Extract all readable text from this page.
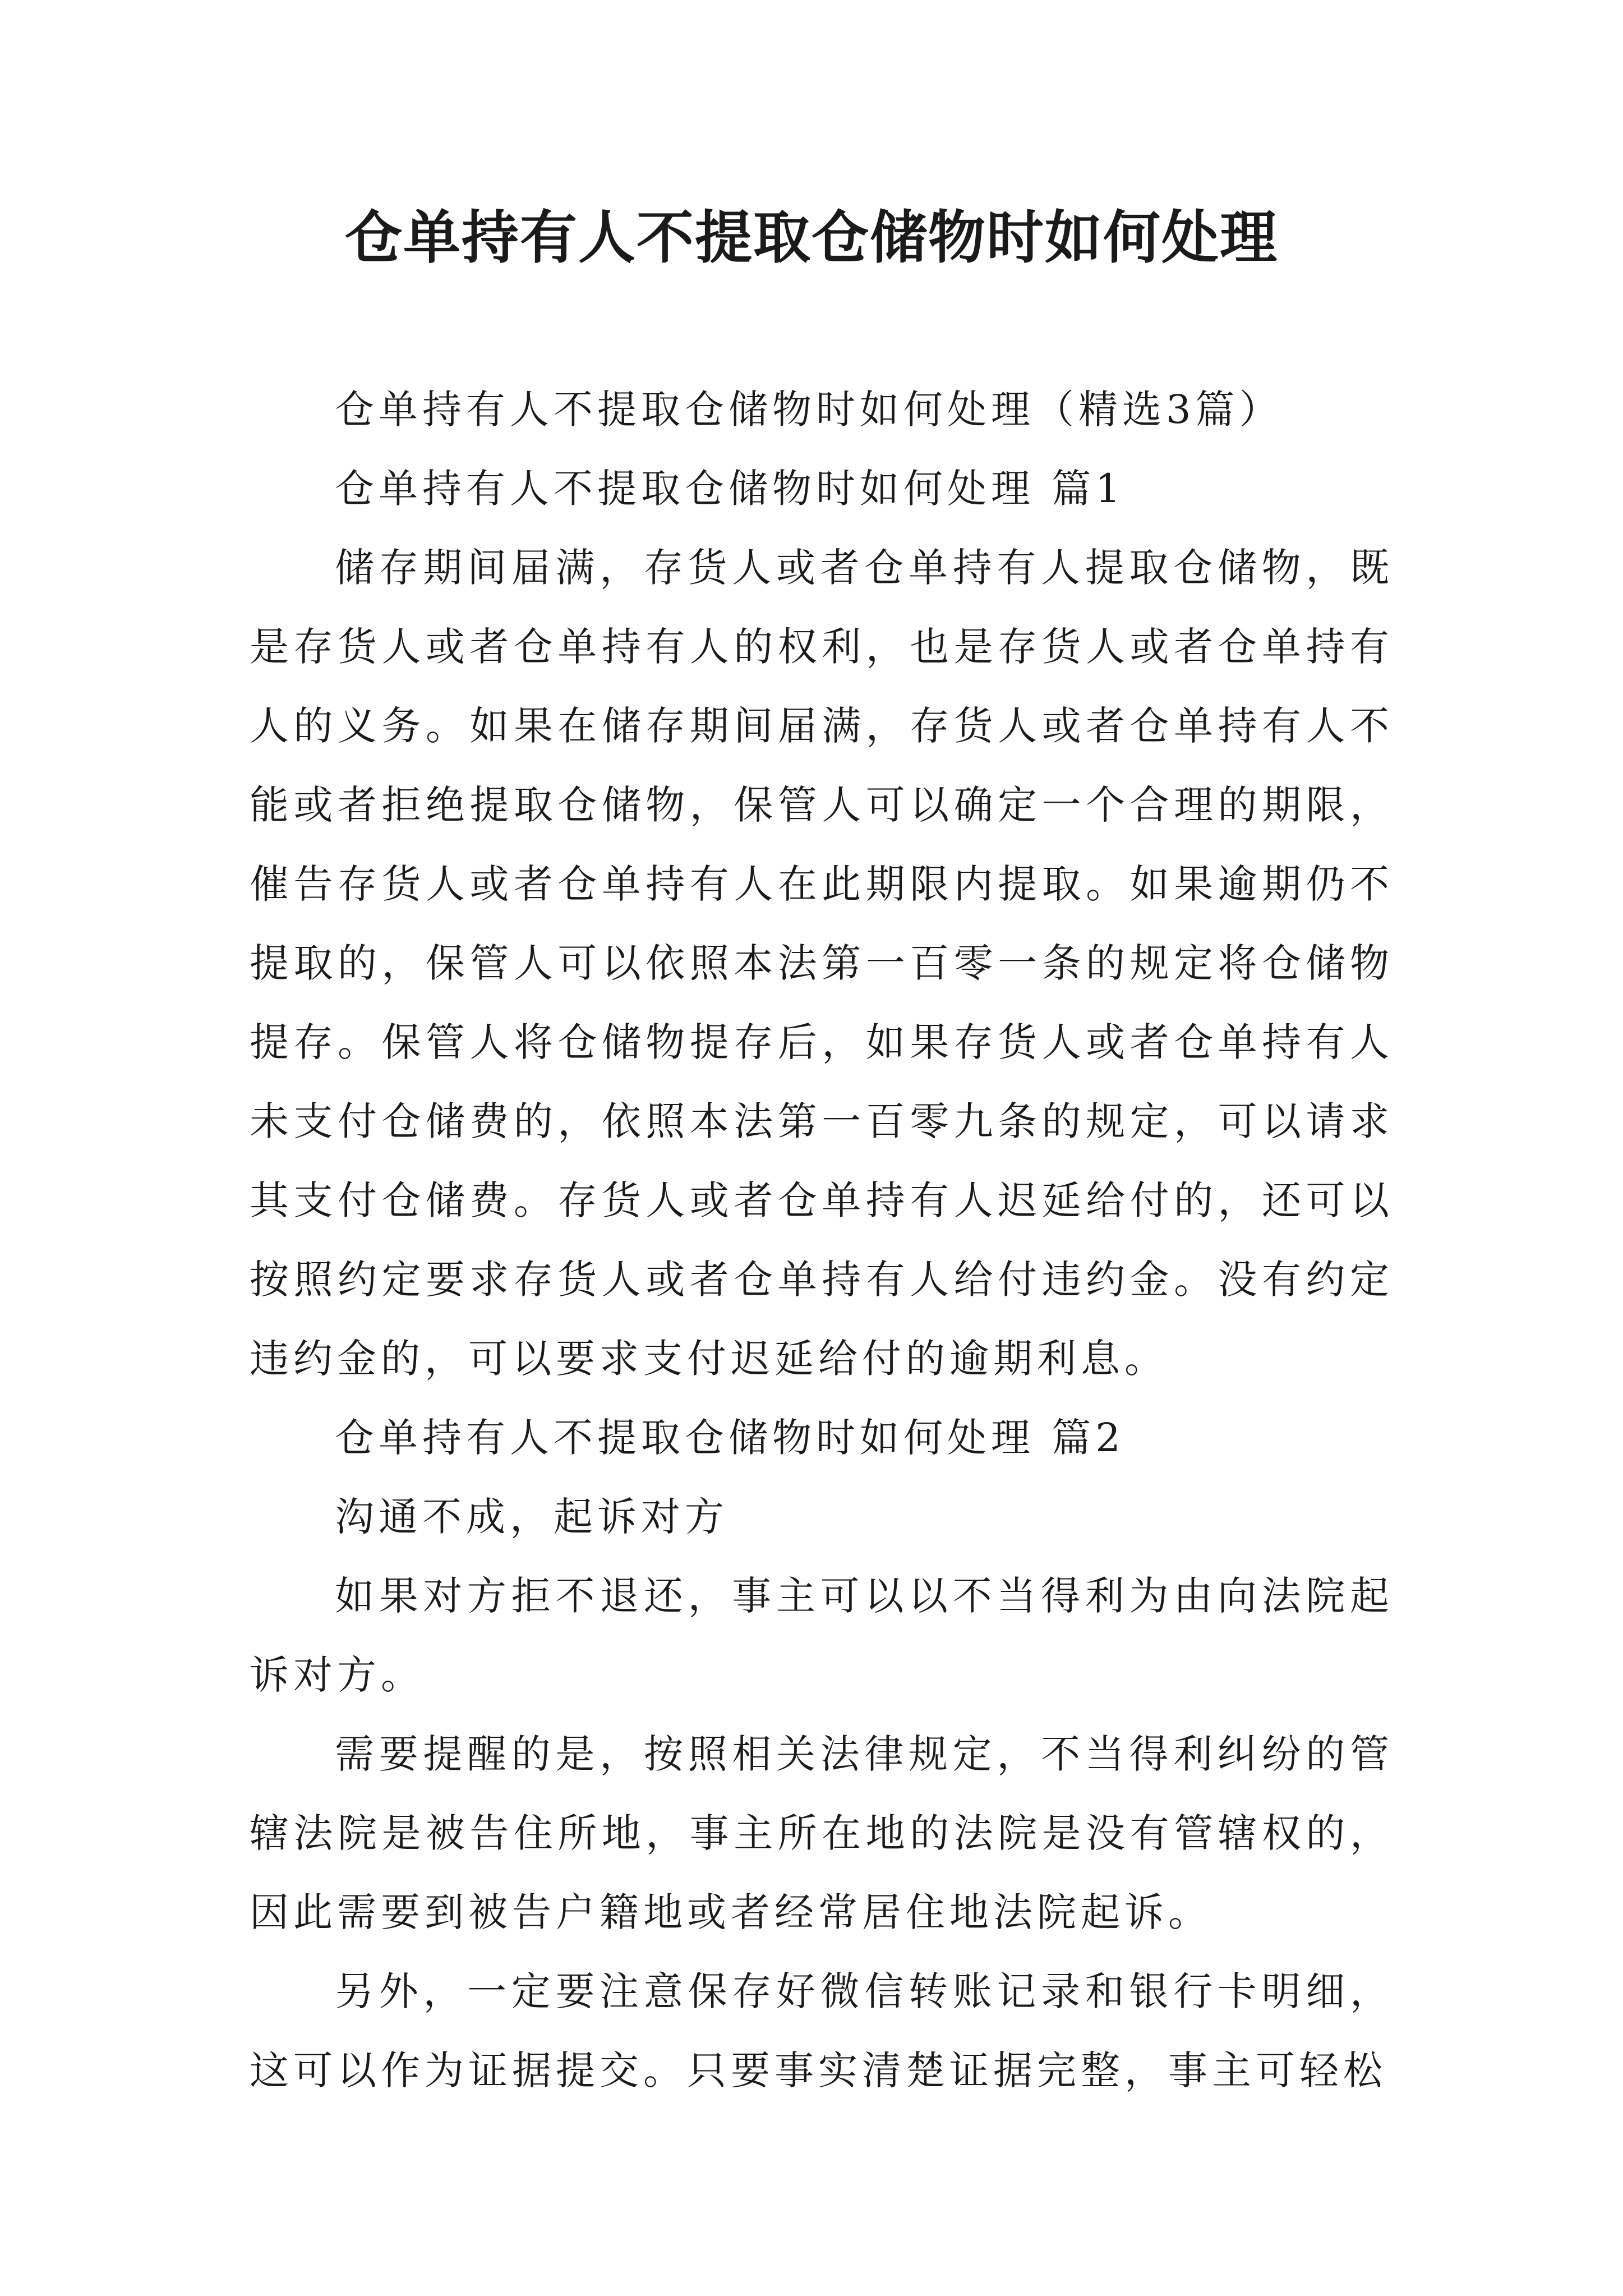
仓单持有人不提取仓储物时如何处理

仓单持有人不提取仓储物时如何处理（精选3篇）

仓单持有人不提取仓储物时如何处理 篇1

储存期间届满，存货人或者仓单持有人提取仓储物，既是存货人或者仓单持有人的权利，也是存货人或者仓单持有人的义务。如果在储存期间届满，存货人或者仓单持有人不能或者拒绝提取仓储物，保管人可以确定一个合理的期限，催告存货人或者仓单持有人在此期限内提取。如果逾期仍不提取的，保管人可以依照本法第一百零一条的规定将仓储物提存。保管人将仓储物提存后，如果存货人或者仓单持有人未支付仓储费的，依照本法第一百零九条的规定，可以请求其支付仓储费。存货人或者仓单持有人迟延给付的，还可以按照约定要求存货人或者仓单持有人给付违约金。没有约定违约金的，可以要求支付迟延给付的逾期利息。

仓单持有人不提取仓储物时如何处理 篇2

沟通不成，起诉对方

如果对方拒不退还，事主可以以不当得利为由向法院起诉对方。

需要提醒的是，按照相关法律规定，不当得利纠纷的管辖法院是被告住所地，事主所在地的法院是没有管辖权的，因此需要到被告户籍地或者经常居住地法院起诉。

另外，一定要注意保存好微信转账记录和银行卡明细，这可以作为证据提交。只要事实清楚证据完整，事主可轻松
